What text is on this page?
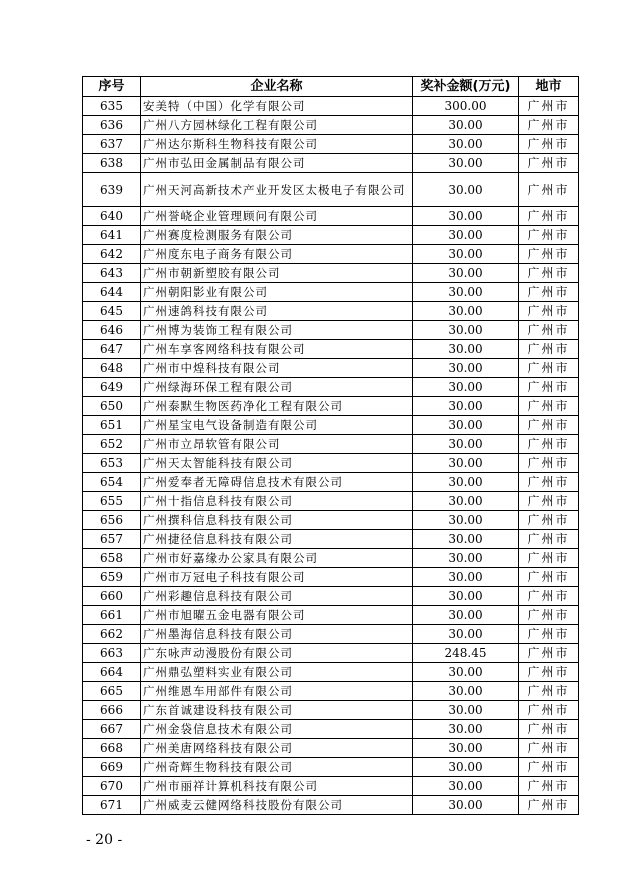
序号	企业名称	奖补金额(万元)	地市
635	安美特（中国）化学有限公司	300.00	广州市
636	广州八方园林绿化工程有限公司	30.00	广州市
637	广州达尔斯科生物科技有限公司	30.00	广州市
638	广州市弘田金属制品有限公司	30.00	广州市
639	广州天河高新技术产业开发区太极电子有限公司	30.00	广州市
640	广州誉峣企业管理顾问有限公司	30.00	广州市
641	广州赛度检测服务有限公司	30.00	广州市
642	广州度东电子商务有限公司	30.00	广州市
643	广州市朝新塑胶有限公司	30.00	广州市
644	广州朝阳影业有限公司	30.00	广州市
645	广州速鸽科技有限公司	30.00	广州市
646	广州博为装饰工程有限公司	30.00	广州市
647	广州车享客网络科技有限公司	30.00	广州市
648	广州市中煌科技有限公司	30.00	广州市
649	广州绿海环保工程有限公司	30.00	广州市
650	广州泰默生物医药净化工程有限公司	30.00	广州市
651	广州星宝电气设备制造有限公司	30.00	广州市
652	广州市立昂软管有限公司	30.00	广州市
653	广州天太智能科技有限公司	30.00	广州市
654	广州爱奉者无障碍信息技术有限公司	30.00	广州市
655	广州十指信息科技有限公司	30.00	广州市
656	广州撰科信息科技有限公司	30.00	广州市
657	广州捷径信息科技有限公司	30.00	广州市
658	广州市好嘉缘办公家具有限公司	30.00	广州市
659	广州市万冠电子科技有限公司	30.00	广州市
660	广州彩趣信息科技有限公司	30.00	广州市
661	广州市旭曜五金电器有限公司	30.00	广州市
662	广州墨海信息科技有限公司	30.00	广州市
663	广东咏声动漫股份有限公司	248.45	广州市
664	广州鼎弘塑料实业有限公司	30.00	广州市
665	广州维恩车用部件有限公司	30.00	广州市
666	广东首诚建设科技有限公司	30.00	广州市
667	广州金袋信息技术有限公司	30.00	广州市
668	广州美唐网络科技有限公司	30.00	广州市
669	广州奇辉生物科技有限公司	30.00	广州市
670	广州市丽祥计算机科技有限公司	30.00	广州市
671	广州威麦云健网络科技股份有限公司	30.00	广州市
- 20 -
